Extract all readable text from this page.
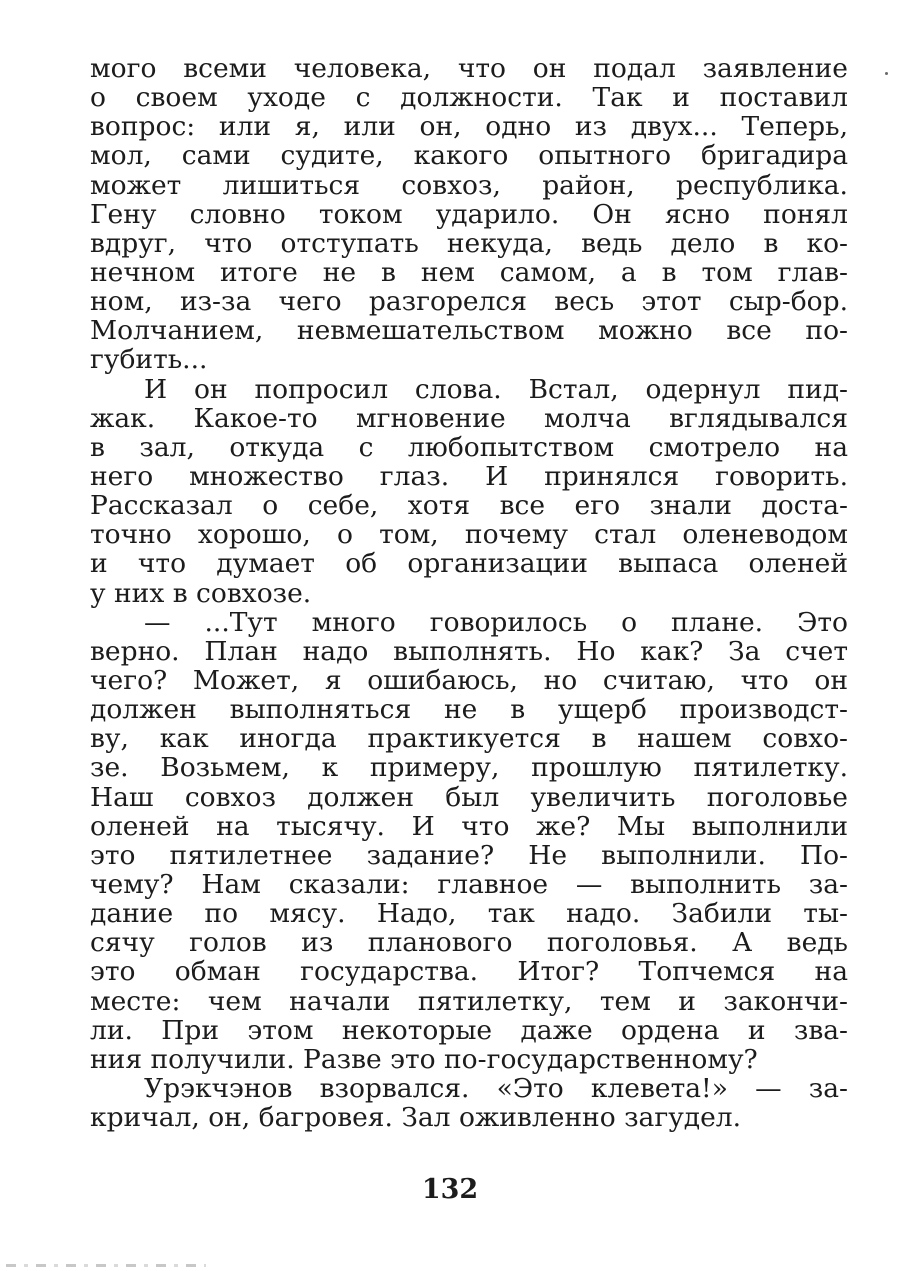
мого всеми человека, что он подал заявление
о своем уходе с должности. Так и поставил
вопрос: или я, или он, одно из двух... Теперь,
мол, сами судите, какого опытного бригадира
может лишиться совхоз, район, республика.
Гену словно током ударило. Он ясно понял
вдруг, что отступать некуда, ведь дело в ко-
нечном итоге не в нем самом, а в том глав-
ном, из-за чего разгорелся весь этот сыр-бор.
Молчанием, невмешательством можно все по-
губить...
И он попросил слова. Встал, одернул пид-
жак. Какое-то мгновение молча вглядывался
в зал, откуда с любопытством смотрело на
него множество глаз. И принялся говорить.
Рассказал о себе, хотя все его знали доста-
точно хорошо, о том, почему стал оленеводом
и что думает об организации выпаса оленей
у них в совхозе.
— ...Тут много говорилось о плане. Это
верно. План надо выполнять. Но как? За счет
чего? Может, я ошибаюсь, но считаю, что он
должен выполняться не в ущерб производст-
ву, как иногда практикуется в нашем совхо-
зе. Возьмем, к примеру, прошлую пятилетку.
Наш совхоз должен был увеличить поголовье
оленей на тысячу. И что же? Мы выполнили
это пятилетнее задание? Не выполнили. По-
чему? Нам сказали: главное — выполнить за-
дание по мясу. Надо, так надо. Забили ты-
сячу голов из планового поголовья. А ведь
это обман государства. Итог? Топчемся на
месте: чем начали пятилетку, тем и закончи-
ли. При этом некоторые даже ордена и зва-
ния получили. Разве это по-государственному?
Урэкчэнов взорвался. «Это клевета!» — за-
кричал, он, багровея. Зал оживленно загудел.
132
